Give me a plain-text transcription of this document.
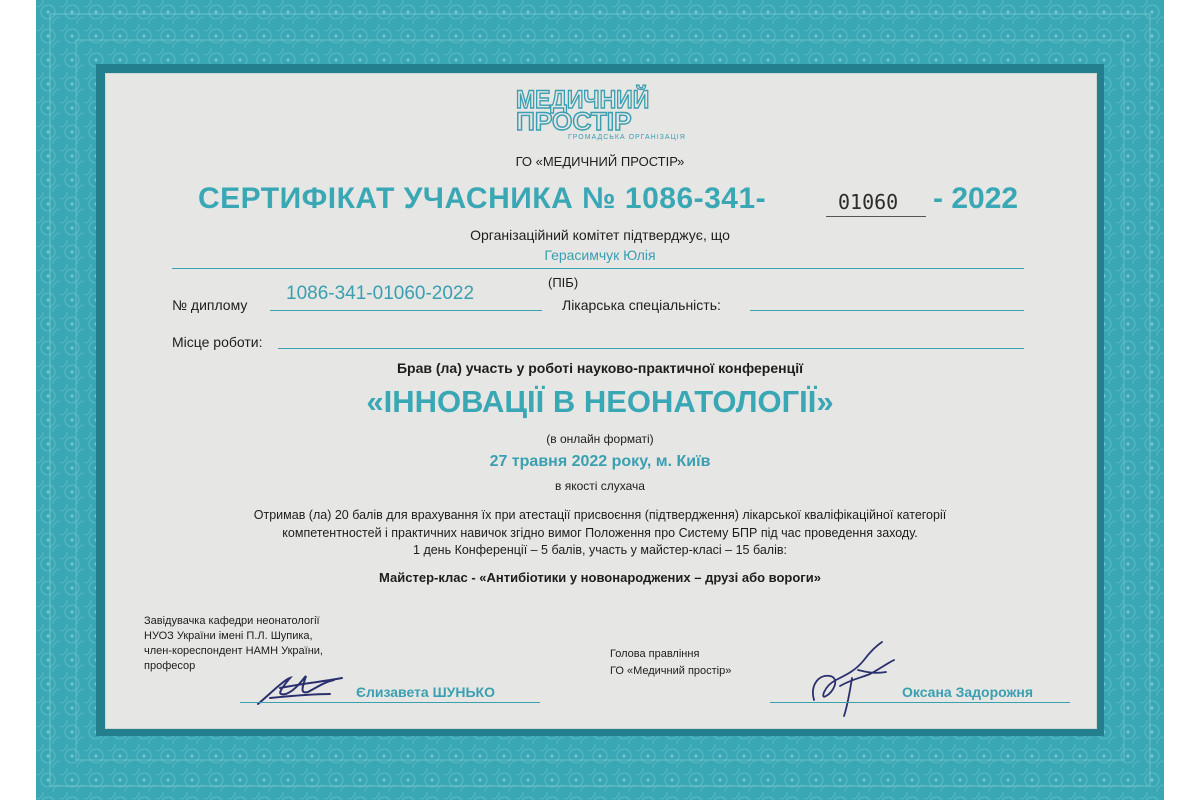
МЕДИЧНИЙ
ПРОСТІР
ГРОМАДСЬКА ОРГАНІЗАЦІЯ
ГО «МЕДИЧНИЙ ПРОСТІР»
СЕРТИФІКАТ УЧАСНИКА № 1086-341-	01060 - 2022
Організаційний комітет підтверджує, що
Герасимчук Юлія
(ПІБ)
№ диплому
1086-341-01060-2022
Лікарська спеціальність:
Місце роботи:
Брав (ла) участь у роботі науково-практичної конференції
«ІННОВАЦІЇ В НЕОНАТОЛОГІЇ»
(в онлайн форматі)
27 травня 2022 року, м. Київ
в якості слухача
Отримав (ла) 20 балів для врахування їх при атестації присвоєння (підтвердження) лікарської кваліфікаційної категорії
компетентностей і практичних навичок згідно вимог Положення про Систему БПР під час проведення заходу.
1 день Конференції – 5 балів, участь у майстер-класі – 15 балів:
Майстер-клас - «Антибіотики у новонароджених – друзі або вороги»
Завідувачка кафедри неонатології
НУОЗ України імені П.Л. Шупика,
член-кореспондент НАМН України,
професор
Єлизавета ШУНЬКО
Голова правління
ГО «Медичний простір»
Оксана Задорожня
